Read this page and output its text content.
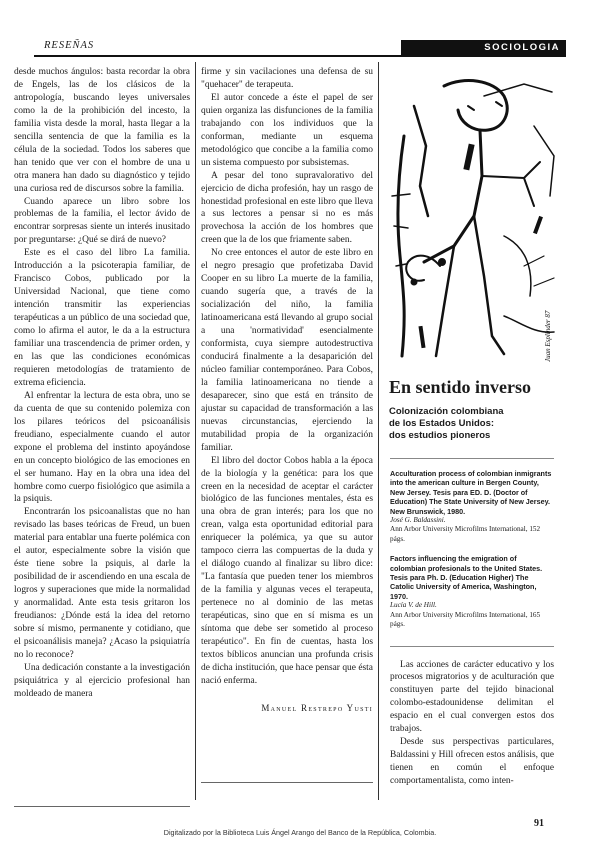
RESEÑAS	SOCIOLOGIA

desde muchos ángulos: basta recordar la obra de Engels, las de los clásicos de la antropología, buscando leyes universales como la de la prohibición del incesto, la familia vista desde la moral, hasta llegar a la sencilla sentencia de que la familia es la célula de la sociedad. Todos los saberes que han tenido que ver con el hombre de una u otra manera han dado su diagnóstico y tejido una curiosa red de discursos sobre la familia.

Cuando aparece un libro sobre los problemas de la familia, el lector ávido de encontrar sorpresas siente un interés inusitado por preguntarse: ¿Qué se dirá de nuevo?

Este es el caso del libro La familia. Introducción a la psicoterapia familiar, de Francisco Cobos, publicado por la Universidad Nacional, que tiene como intención transmitir las experiencias terapéuticas a un público de una sociedad que, como lo afirma el autor, le da a la estructura familiar una trascendencia de primer orden, y en las que las condiciones económicas requieren metodologías de tratamiento de extrema eficiencia.

Al enfrentar la lectura de esta obra, uno se da cuenta de que su contenido polemiza con los pilares teóricos del psicoanálisis freudiano, especialmente cuando el autor expone el problema del instinto apoyándose en un concepto biológico de las emociones en el ser humano. Hay en la obra una idea del hombre como cuerpo fisiológico que asimila a la psiquis.

Encontrarán los psicoanalistas que no han revisado las bases teóricas de Freud, un buen material para entablar una fuerte polémica con el autor, especialmente sobre la visión que éste tiene sobre la psiquis, al darle la posibilidad de ir ascendiendo en una escala de logros y superaciones que mide la normalidad y anormalidad. Ante esta tesis gritaron los freudianos: ¿Dónde está la idea del retorno sobre sí mismo, permanente y cotidiano, que el psicoanálisis maneja? ¿Acaso la psiquiatría no lo reconoce?

Una dedicación constante a la investigación psiquiátrica y al ejercicio profesional han moldeado de manera

firme y sin vacilaciones una defensa de su "quehacer" de terapeuta.

El autor concede a éste el papel de ser quien organiza las disfunciones de la familia trabajando con los individuos que la conforman, mediante un esquema metodológico que concibe a la familia como un sistema compuesto por subsistemas.

A pesar del tono supravalorativo del ejercicio de dicha profesión, hay un rasgo de honestidad profesional en este libro que lleva a sus lectores a pensar si no es más provechosa la acción de los hombres que creen que la de los que friamente saben.

No cree entonces el autor de este libro en el negro presagio que profetizaba David Cooper en su libro La muerte de la familia, cuando sugería que, a través de la socialización del niño, la familia latinoamericana está llevando al grupo social a una 'normatividad' esencialmente conformista, cuya siempre autodestructiva conducirá finalmente a la desaparición del núcleo familiar contemporáneo. Para Cobos, la familia latinoamericana no tiende a desaparecer, sino que está en tránsito de ajustar su capacidad de transformación a las nuevas circunstancias, ejerciendo la mutabilidad propia de la organización familiar.

El libro del doctor Cobos habla a la época de la biología y la genética: para los que creen en la necesidad de aceptar el carácter biológico de las funciones mentales, ésta es una obra de gran interés; para los que no crean, valga esta oportunidad editorial para enriquecer la polémica, ya que su autor tampoco cierra las compuertas de la duda y el diálogo cuando al finalizar su libro dice: "La fantasía que pueden tener los miembros de la familia y algunas veces el terapeuta, pertenece no al dominio de las metas terapéuticas, sino que en sí misma es un síntoma que debe ser sometido al proceso terapéutico". En fin de cuentas, hasta los textos bíblicos anuncian una profunda crisis de dicha institución, que hace pensar que ésta nació enferma.

Manuel Restrepo Yusti
Juan Esplinder 87
En sentido inverso
Colonización colombiana
de los Estados Unidos:
dos estudios pioneros
Acculturation process of colombian inmigrants into the american culture in Bergen County, New Jersey. Tesis para ED. D. (Doctor of Education) The State University of New Jersey. New Brunswick, 1980.
José G. Baldassini.
Ann Arbor University Microfilms International, 152 págs.
Factors influencing the emigration of colombian profesionals to the United States. Tesis para Ph. D. (Education Higher) The Catolic University of America, Washington, 1970.
Lucía V. de Hill.
Ann Arbor University Microfilms International, 165 págs.

Las acciones de carácter educativo y los procesos migratorios y de aculturación que constituyen parte del tejido binacional colombo-estadounidense delimitan el espacio en el cual convergen estos dos trabajos.

Desde sus perspectivas particulares, Baldassini y Hill ofrecen estos análisis, que tienen en común el enfoque comportamentalista, como inten-

91
Digitalizado por la Biblioteca Luis Ángel Arango del Banco de la República, Colombia.
